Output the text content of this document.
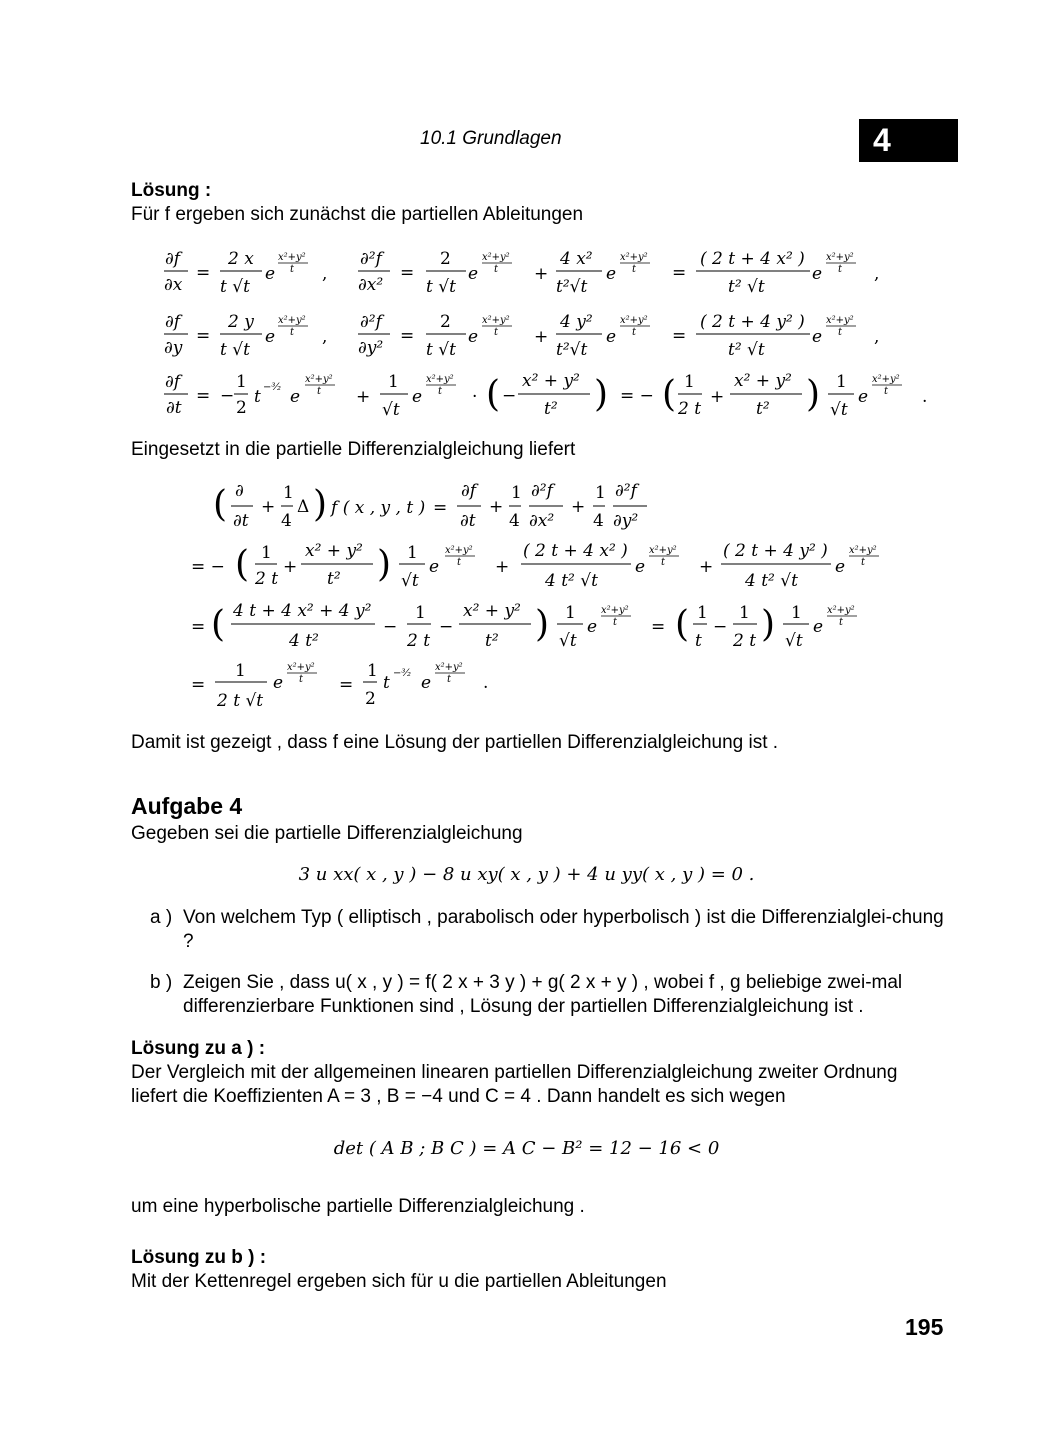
10.1 Grundlagen	4
Lösung :
Für f ergeben sich zunächst die partiellen Ableitungen
∂f
∂x
=
2 x
t √t
e
x²+y²
t ,
∂²f
∂x²
=
2
t √t
e
x²+y²
t +
4 x²
t²√t
e
x²+y²
t =
( 2 t + 4 x² )
t² √t
e
x²+y²
t ,
∂f
∂y
=
2 y
t √t
e
x²+y²
t ,
∂²f
∂y²
=
2
t √t
e
x²+y²
t +
4 y²
t²√t
e
x²+y²
t =
( 2 t + 4 y² )
t² √t
e
x²+y²
t ,
∂f
∂t
= −
1
2
t −³⁄₂ e
x²+y²
t +
1
√t
e
x²+y²
t · ( −
x² + y²
t² ) = − ( 1
2 t
+
x² + y²
t² ) 1
√t
e
x²+y²
t .
Eingesetzt in die partielle Differenzialgleichung liefert
( ∂
∂t
+
1
4
Δ ) f ( x , y , t ) =
∂f
∂t
+
1
4
∂²f
∂x²
+
1
4
∂²f
∂y²
= − ( 1
2 t
+
x² + y²
t² ) 1
√t
e
x²+y²
t +
( 2 t + 4 x² )
4 t² √t
e
x²+y²
t +
( 2 t + 4 y² )
4 t² √t
e
x²+y²
t
= ( 4 t + 4 x² + 4 y²
4 t²
−
1
2 t
−
x² + y²
t² ) 1
√t
e
x²+y²
t = ( 1
t
−
1
2 t ) 1
√t
e
x²+y²
t
=
1
2 t √t
e
x²+y²
t =
1
2
t −³⁄₂ e
x²+y²
t .
Damit ist gezeigt , dass f eine Lösung der partiellen Differenzialgleichung ist .
Aufgabe 4
Gegeben sei die partielle Differenzialgleichung
3 u xx( x , y ) − 8 u xy( x , y ) + 4 u yy( x , y ) = 0 .
a ) Von welchem Typ ( elliptisch , parabolisch oder hyperbolisch ) ist die Differenzialglei-chung ?
b ) Zeigen Sie , dass u( x , y ) = f( 2 x + 3 y ) + g( 2 x + y ) , wobei f , g beliebige zwei-mal differenzierbare Funktionen sind , Lösung der partiellen Differenzialgleichung ist .
Lösung zu a ) :
Der Vergleich mit der allgemeinen linearen partiellen Differenzialgleichung zweiter Ordnung
liefert die Koeffizienten A = 3 , B = −4 und C = 4 . Dann handelt es sich wegen
det ( A B ; B C ) = A C − B² = 12 − 16 < 0
um eine hyperbolische partielle Differenzialgleichung .
Lösung zu b ) :
Mit der Kettenregel ergeben sich für u die partiellen Ableitungen
195
